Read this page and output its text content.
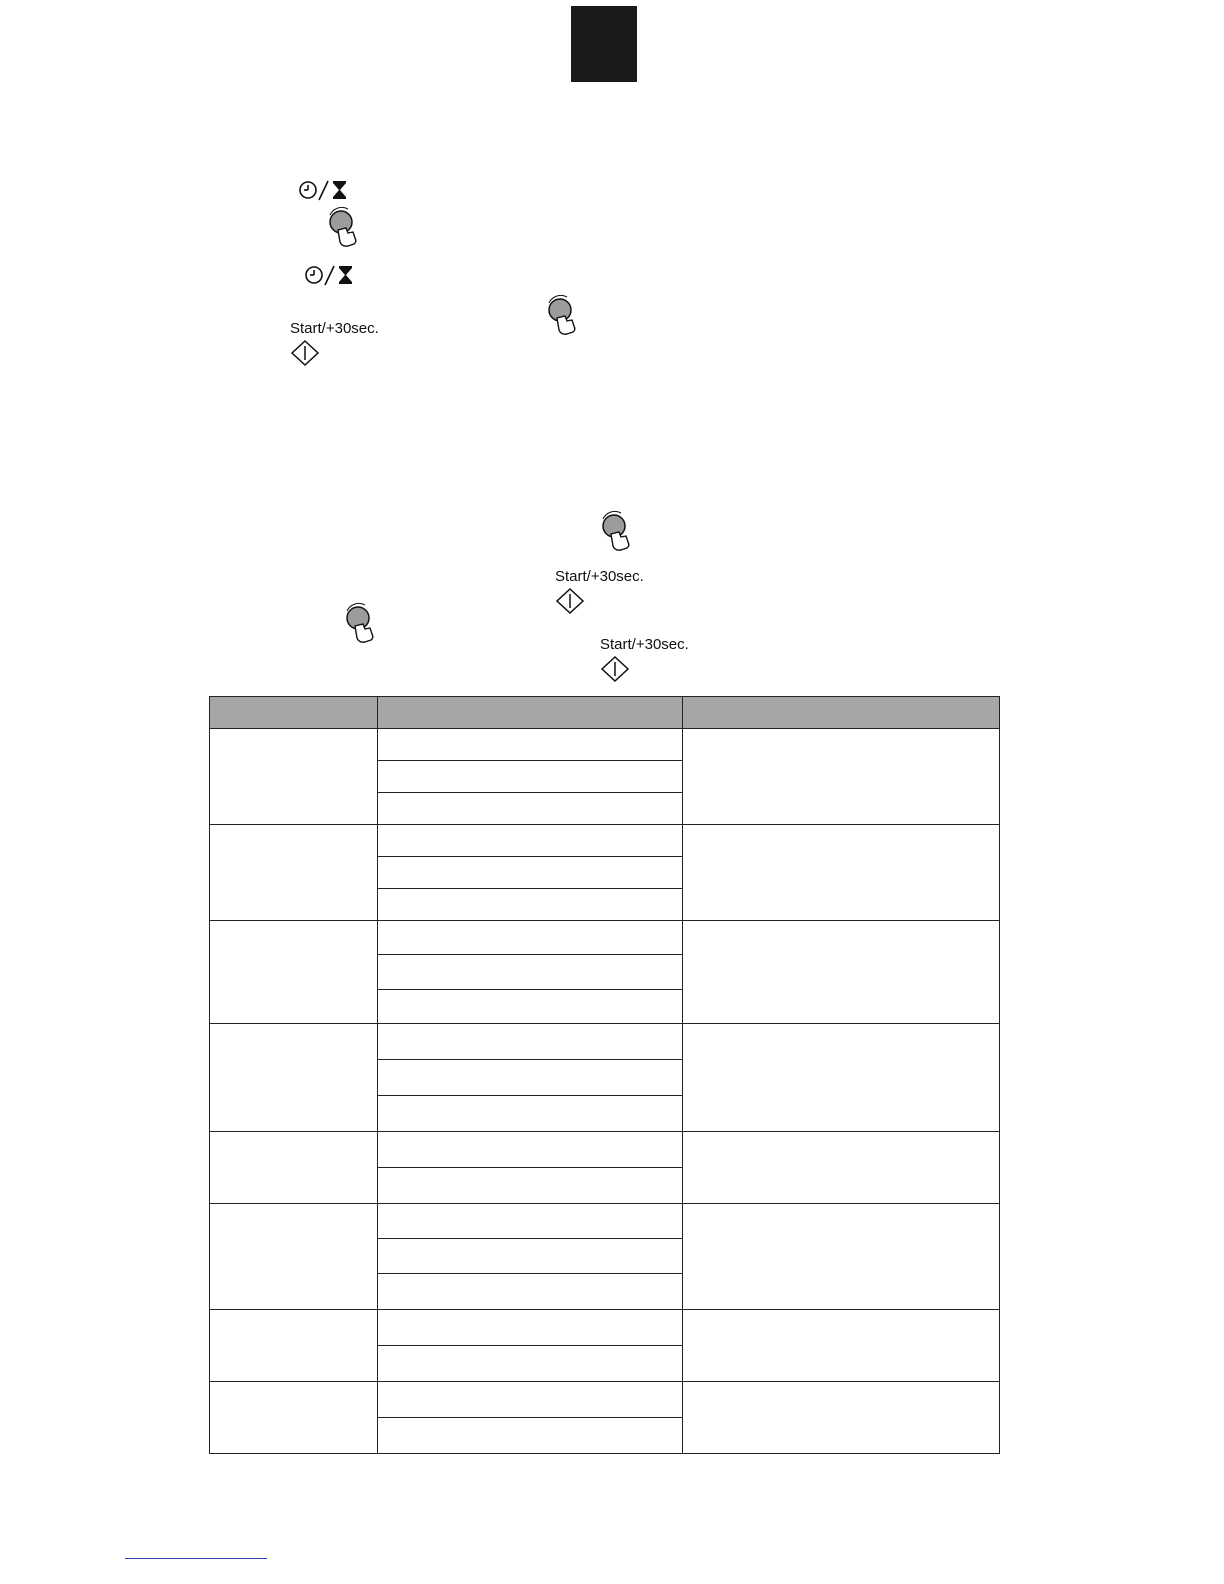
Start/+30sec.
Start/+30sec.
Start/+30sec.
